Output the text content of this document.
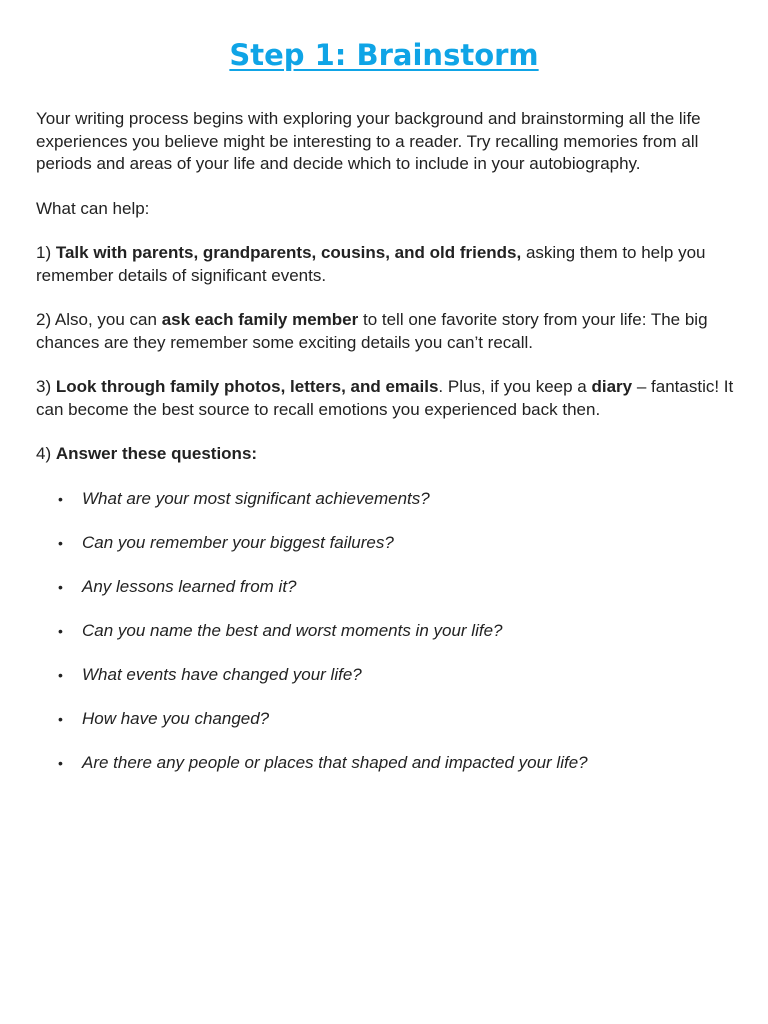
Step 1: Brainstorm

Your writing process begins with exploring your background and brainstorming all the life experiences you believe might be interesting to a reader. Try recalling memories from all periods and areas of your life and decide which to include in your autobiography.

What can help:

1) Talk with parents, grandparents, cousins, and old friends, asking them to help you remember details of significant events.

2) Also, you can ask each family member to tell one favorite story from your life: The big chances are they remember some exciting details you can’t recall.

3) Look through family photos, letters, and emails. Plus, if you keep a diary – fantastic! It can become the best source to recall emotions you experienced back then.

4) Answer these questions:

• What are your most significant achievements?
• Can you remember your biggest failures?
• Any lessons learned from it?
• Can you name the best and worst moments in your life?
• What events have changed your life?
• How have you changed?
• Are there any people or places that shaped and impacted your life?
